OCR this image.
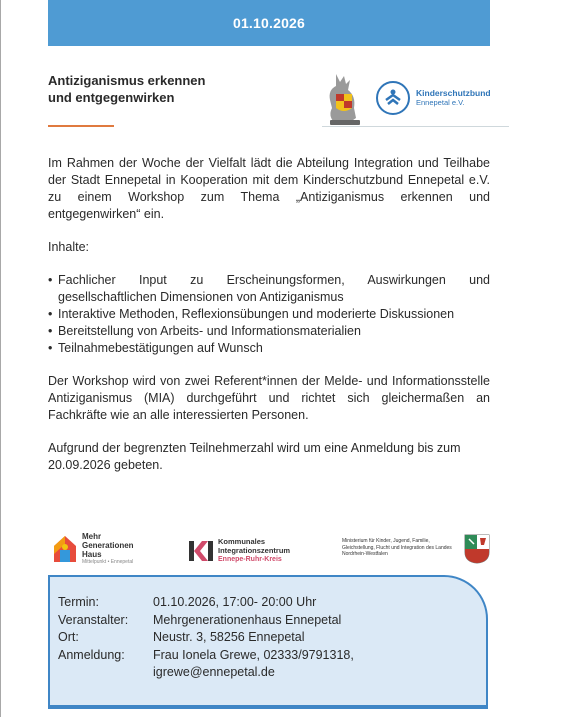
01.10.2026
Antiziganismus erkennen
und entgegenwirken	Kinderschutzbund
Ennepetal e.V.

Im Rahmen der Woche der Vielfalt lädt die Abteilung Integration und Teilhabe der Stadt Ennepetal in Kooperation mit dem Kinderschutzbund Ennepetal e.V. zu einem Workshop zum Thema „Antiziganismus erkennen und entgegenwirken“ ein.

Inhalte:

• Fachlicher Input zu Erscheinungsformen, Auswirkungen und gesellschaftlichen Dimensionen von Antiziganismus
• Interaktive Methoden, Reflexionsübungen und moderierte Diskussionen
• Bereitstellung von Arbeits- und Informationsmaterialien
• Teilnahmebestätigungen auf Wunsch

Der Workshop wird von zwei Referent*innen der Melde- und Informationsstelle Antiziganismus (MIA) durchgeführt und richtet sich gleichermaßen an Fachkräfte wie an alle interessierten Personen.

Aufgrund der begrenzten Teilnehmerzahl wird um eine Anmeldung bis zum 20.09.2026 gebeten.

Mehr
Generationen
Haus
Mittelpunkt • Ennepetal
Kommunales
Integrationszentrum
Ennepe-Ruhr-Kreis
Ministerium für Kinder, Jugend, Familie, Gleichstellung, Flucht und Integration des Landes Nordrhein-Westfalen
Termin:	01.10.2026, 17:00- 20:00 Uhr
Veranstalter:	Mehrgenerationenhaus Ennepetal
Ort:	Neustr. 3, 58256 Ennepetal
Anmeldung:	Frau Ionela Grewe, 02333/9791318,
igrewe@ennepetal.de
